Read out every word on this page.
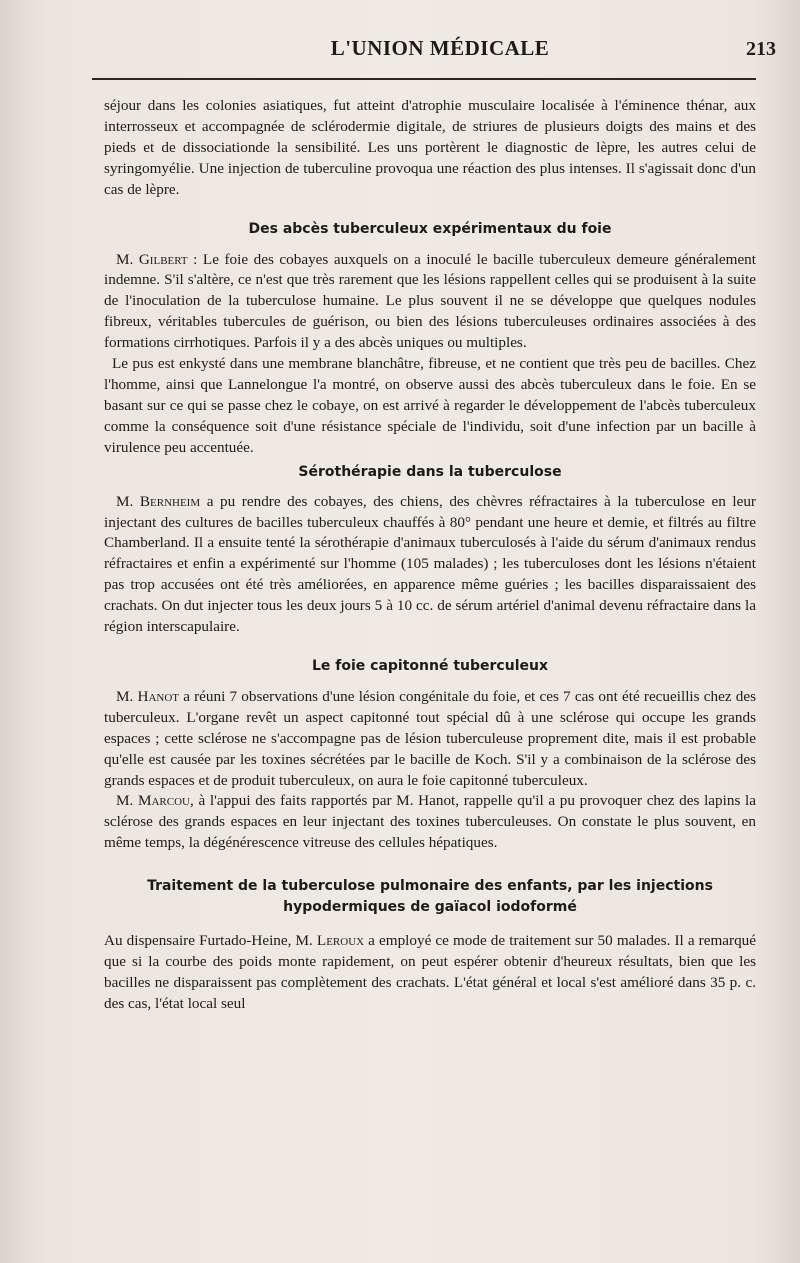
L'UNION MÉDICALE	213

séjour dans les colonies asiatiques, fut atteint d'atrophie musculaire localisée à l'éminence thénar, aux interrosseux et accompagnée de sclérodermie digitale, de striures de plusieurs doigts des mains et des pieds et de dissociationde la sensibilité. Les uns portèrent le diagnostic de lèpre, les autres celui de syringomyélie. Une injection de tuberculine provoqua une réaction des plus intenses. Il s'agissait donc d'un cas de lèpre.

Des abcès tuberculeux expérimentaux du foie

M. Gilbert : Le foie des cobayes auxquels on a inoculé le bacille tuberculeux demeure généralement indemne. S'il s'altère, ce n'est que très rarement que les lésions rappellent celles qui se produisent à la suite de l'inoculation de la tuberculose humaine. Le plus souvent il ne se développe que quelques nodules fibreux, véritables tubercules de guérison, ou bien des lésions tuberculeuses ordinaires associées à des formations cirrhotiques. Parfois il y a des abcès uniques ou multiples.

Le pus est enkysté dans une membrane blanchâtre, fibreuse, et ne contient que très peu de bacilles. Chez l'homme, ainsi que Lannelongue l'a montré, on observe aussi des abcès tuberculeux dans le foie. En se basant sur ce qui se passe chez le cobaye, on est arrivé à regarder le développement de l'abcès tuberculeux comme la conséquence soit d'une résistance spéciale de l'individu, soit d'une infection par un bacille à virulence peu accentuée.

Sérothérapie dans la tuberculose

M. Bernheim a pu rendre des cobayes, des chiens, des chèvres réfractaires à la tuberculose en leur injectant des cultures de bacilles tuberculeux chauffés à 80° pendant une heure et demie, et filtrés au filtre Chamberland. Il a ensuite tenté la sérothérapie d'animaux tuberculosés à l'aide du sérum d'animaux rendus réfractaires et enfin a expérimenté sur l'homme (105 malades) ; les tuberculoses dont les lésions n'étaient pas trop accusées ont été très améliorées, en apparence même guéries ; les bacilles disparaissaient des crachats. On dut injecter tous les deux jours 5 à 10 cc. de sérum artériel d'animal devenu réfractaire dans la région interscapulaire.

Le foie capitonné tuberculeux

M. Hanot a réuni 7 observations d'une lésion congénitale du foie, et ces 7 cas ont été recueillis chez des tuberculeux. L'organe revêt un aspect capitonné tout spécial dû à une sclérose qui occupe les grands espaces ; cette sclérose ne s'accompagne pas de lésion tuberculeuse proprement dite, mais il est probable qu'elle est causée par les toxines sécrétées par le bacille de Koch. S'il y a combinaison de la sclérose des grands espaces et de produit tuberculeux, on aura le foie capitonné tuberculeux.

M. Marcou, à l'appui des faits rapportés par M. Hanot, rappelle qu'il a pu provoquer chez des lapins la sclérose des grands espaces en leur injectant des toxines tuberculeuses. On constate le plus souvent, en même temps, la dégénérescence vitreuse des cellules hépatiques.

Traitement de la tuberculose pulmonaire des enfants, par les injections
hypodermiques de gaïacol iodoformé

Au dispensaire Furtado-Heine, M. Leroux a employé ce mode de traitement sur 50 malades. Il a remarqué que si la courbe des poids monte rapidement, on peut espérer obtenir d'heureux résultats, bien que les bacilles ne disparaissent pas complètement des crachats. L'état général et local s'est amélioré dans 35 p. c. des cas, l'état local seul
